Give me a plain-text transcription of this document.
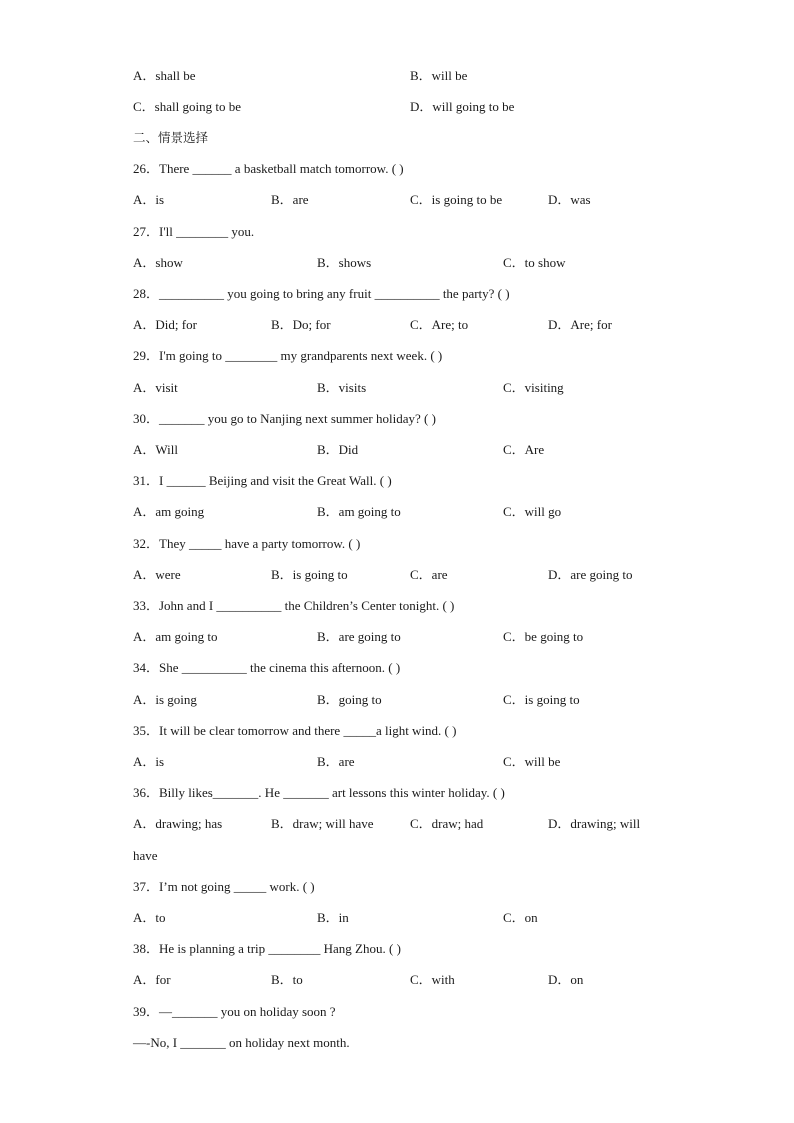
A．shall be	B．will be
C．shall going to be	D．will going to be
二、情景选择
26．There ______ a basketball match tomorrow. ( )
A．is	B．are	C．is going to be	D．was
27．I'll ________ you.
A．show	B．shows	C．to show
28．__________ you going to bring any fruit __________ the party? ( )
A．Did; for	B．Do; for	C．Are; to	D．Are; for
29．I'm going to ________ my grandparents next week. ( )
A．visit	B．visits	C．visiting
30．_______ you go to Nanjing next summer holiday? ( )
A．Will	B．Did	C．Are
31．I ______ Beijing and visit the Great Wall. ( )
A．am going	B．am going to	C．will go
32．They _____ have a party tomorrow. ( )
A．were	B．is going to	C．are	D．are going to
33．John and I __________ the Children’s Center tonight. ( )
A．am going to	B．are going to	C．be going to
34．She __________ the cinema this afternoon. ( )
A．is going	B．going to	C．is going to
35．It will be clear tomorrow and there _____a light wind. ( )
A．is	B．are	C．will be
36．Billy likes_______. He _______ art lessons this winter holiday. ( )
A．drawing; has	B．draw; will have	C．draw; had	D．drawing; will
have
37．I’m not going _____ work. ( )
A．to	B．in	C．on
38．He is planning a trip ________ Hang Zhou. ( )
A．for	B．to	C．with	D．on
39．—_______ you on holiday soon ?
—-No, I _______ on holiday next month.
